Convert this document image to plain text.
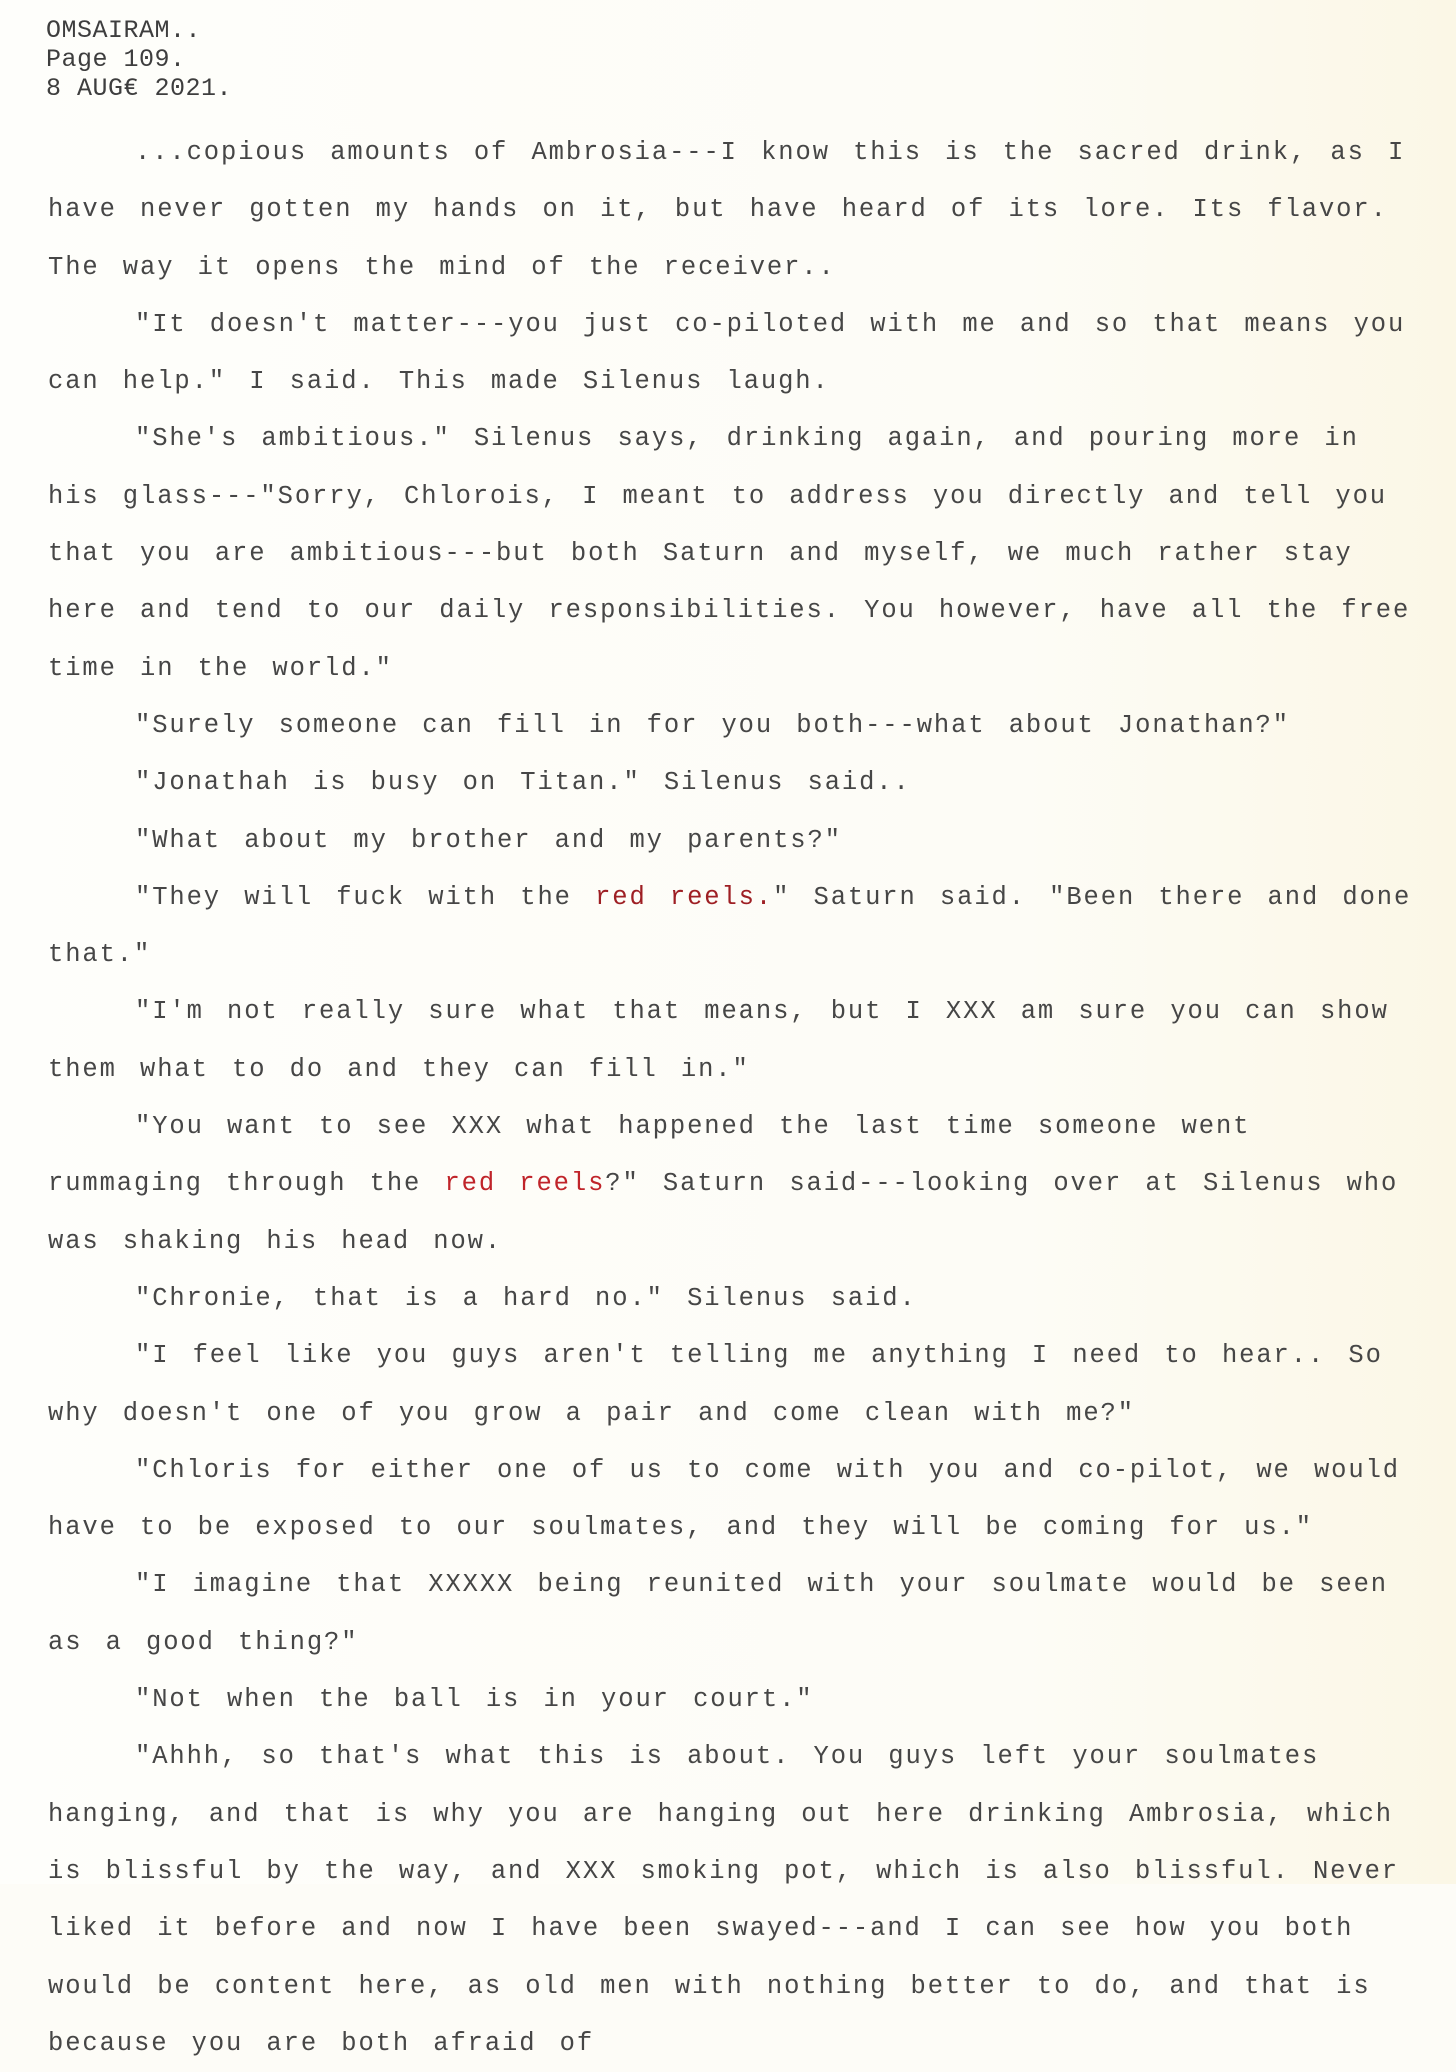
OMSAIRAM..
Page 109.
8 AUG€ 2021.

...copious amounts of Ambrosia---I know this is the sacred drink, as I have never gotten my hands on it, but have heard of its lore. Its flavor. The way it opens the mind of the receiver..

"It doesn't matter---you just co-piloted with me and so that means you can help." I said. This made Silenus laugh.

"She's ambitious." Silenus says, drinking again, and pouring more in his glass---"Sorry, Chlorois, I meant to address you directly and tell you that you are ambitious---but both Saturn and myself, we much rather stay here and tend to our daily responsibilities. You however, have all the free time in the world."

"Surely someone can fill in for you both---what about Jonathan?"

"Jonathah is busy on Titan." Silenus said..

"What about my brother and my parents?"

"They will fuck with the red reels." Saturn said. "Been there and done that."

"I'm not really sure what that means, but I XXX am sure you can show them what to do and they can fill in."

"You want to see XXX what happened the last time someone went rummaging through the red reels?" Saturn said---looking over at Silenus who was shaking his head now.

"Chronie, that is a hard no." Silenus said.

"I feel like you guys aren't telling me anything I need to hear.. So why doesn't one of you grow a pair and come clean with me?"

"Chloris for either one of us to come with you and co-pilot, we would have to be exposed to our soulmates, and they will be coming for us."

"I imagine that XXXXX being reunited with your soulmate would be seen as a good thing?"

"Not when the ball is in your court."

"Ahhh, so that's what this is about. You guys left your soulmates hanging, and that is why you are hanging out here drinking Ambrosia, which is blissful by the way, and XXX smoking pot, which is also blissful. Never liked it before and now I have been swayed---and I can see how you both would be content here, as old men with nothing better to do, and that is because you are both afraid of
